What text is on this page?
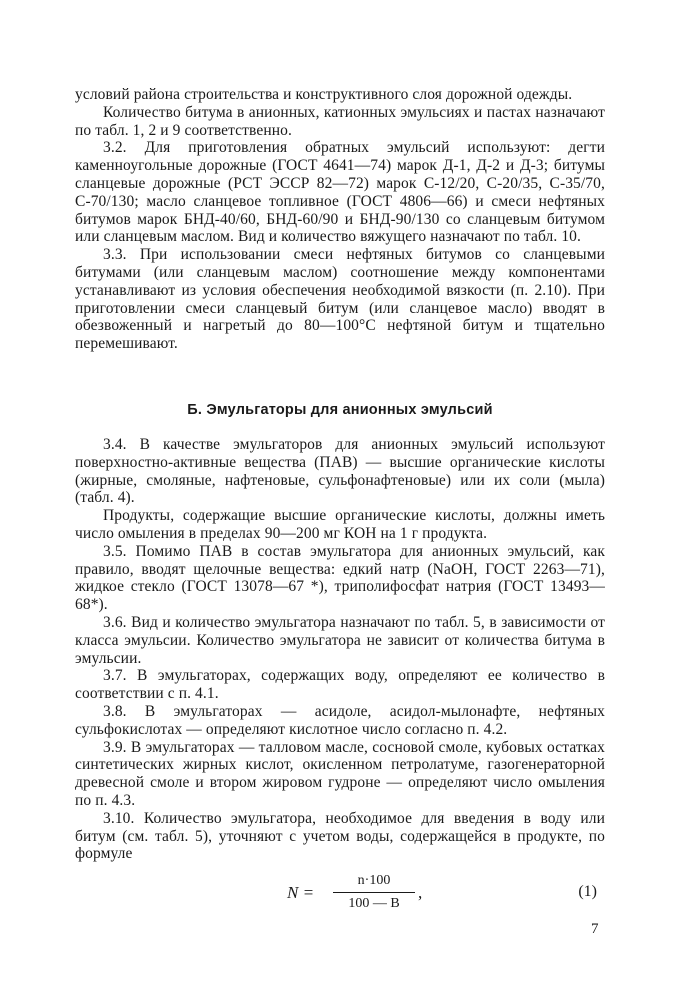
условий района строительства и конструктивного слоя дорожной одежды.

Количество битума в анионных, катионных эмульсиях и пастах назначают по табл. 1, 2 и 9 соответственно.

3.2. Для приготовления обратных эмульсий используют: дегти каменноугольные дорожные (ГОСТ 4641—74) марок Д-1, Д-2 и Д-3; битумы сланцевые дорожные (РСТ ЭССР 82—72) марок С-12/20, С-20/35, С-35/70, С-70/130; масло сланцевое топливное (ГОСТ 4806—66) и смеси нефтяных битумов марок БНД-40/60, БНД-60/90 и БНД-90/130 со сланцевым битумом или сланцевым маслом. Вид и количество вяжущего назначают по табл. 10.

3.3. При использовании смеси нефтяных битумов со сланцевыми битумами (или сланцевым маслом) соотношение между компонентами устанавливают из условия обеспечения необходимой вязкости (п. 2.10). При приготовлении смеси сланцевый битум (или сланцевое масло) вводят в обезвоженный и нагретый до 80—100°С нефтяной битум и тщательно перемешивают.

Б. Эмульгаторы для анионных эмульсий

3.4. В качестве эмульгаторов для анионных эмульсий используют поверхностно-активные вещества (ПАВ) — высшие органические кислоты (жирные, смоляные, нафтеновые, сульфонафтеновые) или их соли (мыла) (табл. 4).

Продукты, содержащие высшие органические кислоты, должны иметь число омыления в пределах 90—200 мг КОН на 1 г продукта.

3.5. Помимо ПАВ в состав эмульгатора для анионных эмульсий, как правило, вводят щелочные вещества: едкий натр (NaOH, ГОСТ 2263—71), жидкое стекло (ГОСТ 13078—67 *), триполифосфат натрия (ГОСТ 13493—68*).

3.6. Вид и количество эмульгатора назначают по табл. 5, в зависимости от класса эмульсии. Количество эмульгатора не зависит от количества битума в эмульсии.

3.7. В эмульгаторах, содержащих воду, определяют ее количество в соответствии с п. 4.1.

3.8. В эмульгаторах — асидоле, асидол-мылонафте, нефтяных сульфокислотах — определяют кислотное число согласно п. 4.2.

3.9. В эмульгаторах — талловом масле, сосновой смоле, кубовых остатках синтетических жирных кислот, окисленном петролатуме, газогенераторной древесной смоле и втором жировом гудроне — определяют число омыления по п. 4.3.

3.10. Количество эмульгатора, необходимое для введения в воду или битум (см. табл. 5), уточняют с учетом воды, содержащейся в продукте, по формуле

N =
n·100
100 — B
,	(1)
7
